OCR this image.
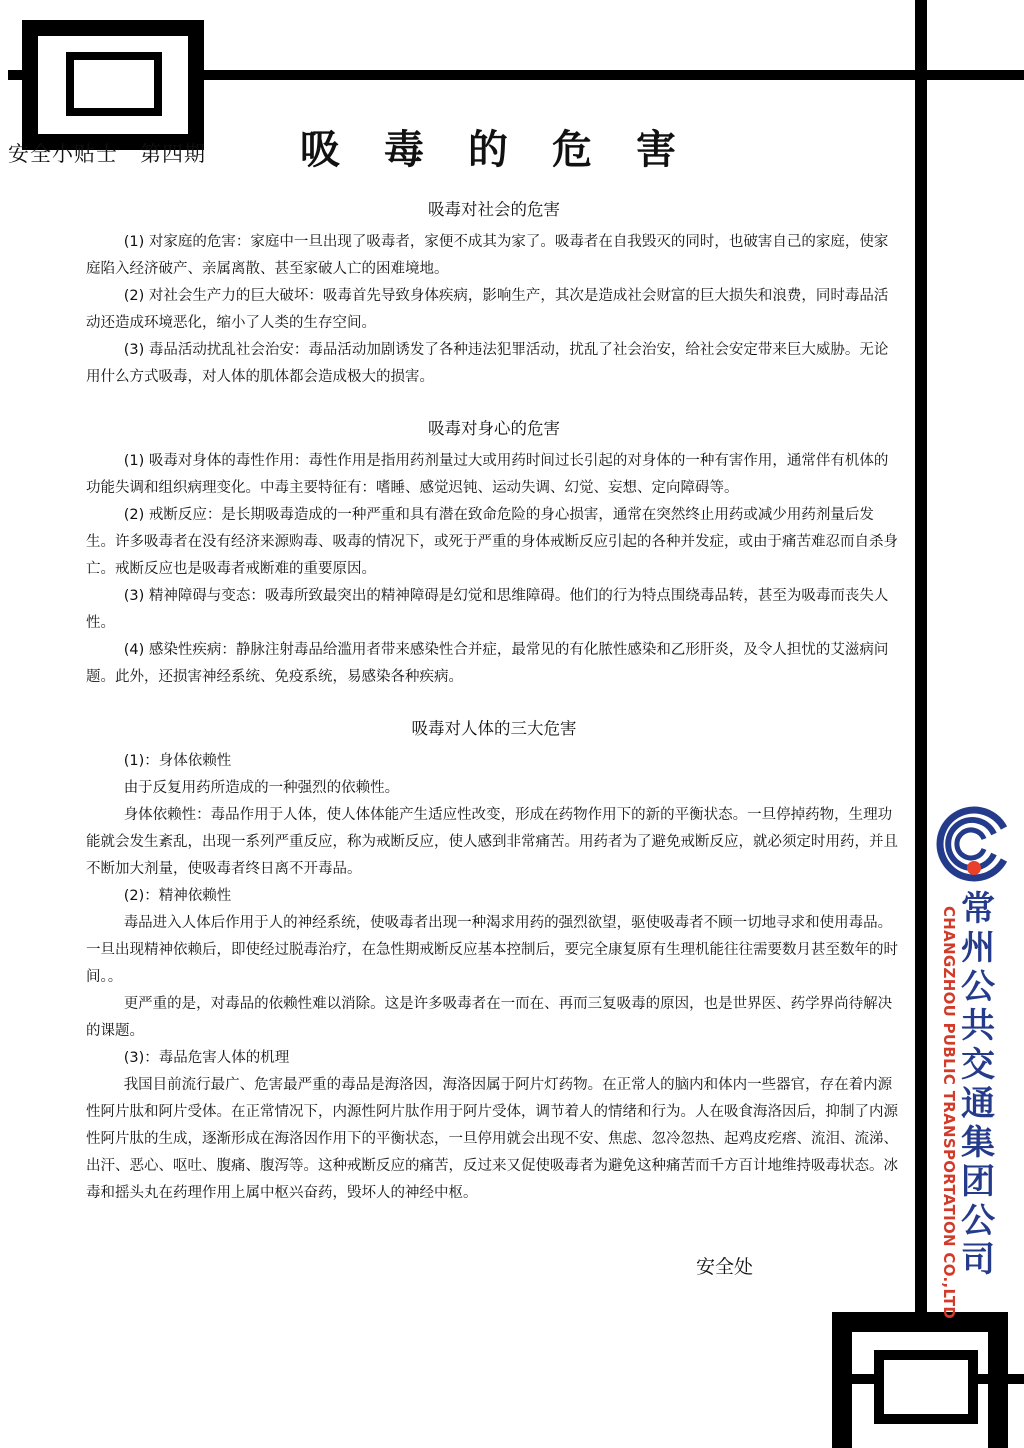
安全小贴士　第四期 吸毒的危害
吸毒对社会的危害

(1) 对家庭的危害：家庭中一旦出现了吸毒者，家便不成其为家了。吸毒者在自我毁灭的同时，也破害自己的家庭，使家庭陷入经济破产、亲属离散、甚至家破人亡的困难境地。

(2) 对社会生产力的巨大破坏：吸毒首先导致身体疾病，影响生产，其次是造成社会财富的巨大损失和浪费，同时毒品活动还造成环境恶化，缩小了人类的生存空间。

(3) 毒品活动扰乱社会治安：毒品活动加剧诱发了各种违法犯罪活动，扰乱了社会治安，给社会安定带来巨大威胁。无论用什么方式吸毒，对人体的肌体都会造成极大的损害。

吸毒对身心的危害

(1) 吸毒对身体的毒性作用：毒性作用是指用药剂量过大或用药时间过长引起的对身体的一种有害作用，通常伴有机体的功能失调和组织病理变化。中毒主要特征有：嗜睡、感觉迟钝、运动失调、幻觉、妄想、定向障碍等。

(2) 戒断反应：是长期吸毒造成的一种严重和具有潜在致命危险的身心损害，通常在突然终止用药或减少用药剂量后发生。许多吸毒者在没有经济来源购毒、吸毒的情况下，或死于严重的身体戒断反应引起的各种并发症，或由于痛苦难忍而自杀身亡。戒断反应也是吸毒者戒断难的重要原因。

(3) 精神障碍与变态：吸毒所致最突出的精神障碍是幻觉和思维障碍。他们的行为特点围绕毒品转，甚至为吸毒而丧失人性。

(4) 感染性疾病：静脉注射毒品给滥用者带来感染性合并症，最常见的有化脓性感染和乙形肝炎，及令人担忧的艾滋病问题。此外，还损害神经系统、免疫系统，易感染各种疾病。

吸毒对人体的三大危害

(1)：身体依赖性

由于反复用药所造成的一种强烈的依赖性。

身体依赖性：毒品作用于人体，使人体体能产生适应性改变，形成在药物作用下的新的平衡状态。一旦停掉药物，生理功能就会发生紊乱，出现一系列严重反应，称为戒断反应，使人感到非常痛苦。用药者为了避免戒断反应，就必须定时用药，并且不断加大剂量，使吸毒者终日离不开毒品。

(2)：精神依赖性

毒品进入人体后作用于人的神经系统，使吸毒者出现一种渴求用药的强烈欲望，驱使吸毒者不顾一切地寻求和使用毒品。一旦出现精神依赖后，即使经过脱毒治疗，在急性期戒断反应基本控制后，要完全康复原有生理机能往往需要数月甚至数年的时间。。

更严重的是，对毒品的依赖性难以消除。这是许多吸毒者在一而在、再而三复吸毒的原因，也是世界医、药学界尚待解决的课题。

(3)：毒品危害人体的机理

我国目前流行最广、危害最严重的毒品是海洛因，海洛因属于阿片灯药物。在正常人的脑内和体内一些器官，存在着内源性阿片肽和阿片受体。在正常情况下，内源性阿片肽作用于阿片受体，调节着人的情绪和行为。人在吸食海洛因后，抑制了内源性阿片肽的生成，逐渐形成在海洛因作用下的平衡状态，一旦停用就会出现不安、焦虑、忽冷忽热、起鸡皮疙瘩、流泪、流涕、出汗、恶心、呕吐、腹痛、腹泻等。这种戒断反应的痛苦，反过来又促使吸毒者为避免这种痛苦而千方百计地维持吸毒状态。冰毒和摇头丸在药理作用上属中枢兴奋药，毁坏人的神经中枢。

安全处
常州公共交通集团公司
CHANGZHOU PUBLIC TRANSPORTATION CO.,LTD
